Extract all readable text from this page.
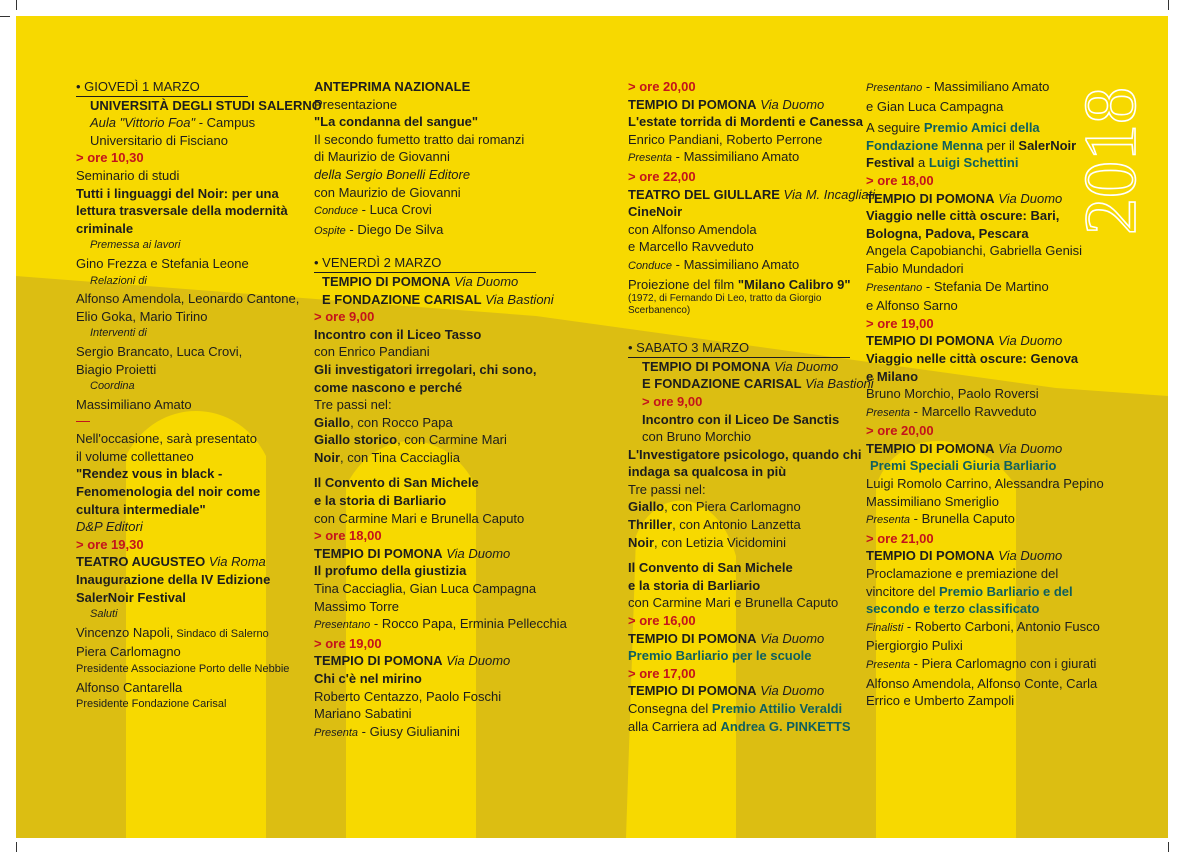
2018

• GIOVEDÌ 1 MARZO

UNIVERSITÀ DEGLI STUDI SALERNO

Aula "Vittorio Foa" - Campus

Universitario di Fisciano

> ore 10,30

Seminario di studi

Tutti i linguaggi del Noir: per una

lettura trasversale della modernità

criminale

Premessa ai lavori

Gino Frezza e Stefania Leone

Relazioni di

Alfonso Amendola, Leonardo Cantone,

Elio Goka, Mario Tirino

Interventi di

Sergio Brancato, Luca Crovi,

Biagio Proietti

Coordina

Massimiliano Amato

Nell'occasione, sarà presentato

il volume collettaneo

"Rendez vous in black -

Fenomenologia del noir come

cultura intermediale"

D&P Editori

> ore 19,30

TEATRO AUGUSTEO Via Roma

Inaugurazione della IV Edizione

SalerNoir Festival

Saluti

Vincenzo Napoli, Sindaco di Salerno

Piera Carlomagno

Presidente Associazione Porto delle Nebbie

Alfonso Cantarella

Presidente Fondazione Carisal

ANTEPRIMA NAZIONALE

Presentazione

"La condanna del sangue"

Il secondo fumetto tratto dai romanzi

di Maurizio de Giovanni

della Sergio Bonelli Editore

con Maurizio de Giovanni

Conduce - Luca Crovi

Ospite - Diego De Silva

• VENERDÌ 2 MARZO

TEMPIO DI POMONA Via Duomo

E FONDAZIONE CARISAL Via Bastioni

> ore 9,00

Incontro con il Liceo Tasso

con Enrico Pandiani

Gli investigatori irregolari, chi sono,

come nascono e perché

Tre passi nel:

Giallo, con Rocco Papa

Giallo storico, con Carmine Mari

Noir, con Tina Cacciaglia

Il Convento di San Michele

e la storia di Barliario

con Carmine Mari e Brunella Caputo

> ore 18,00

TEMPIO DI POMONA Via Duomo

Il profumo della giustizia

Tina Cacciaglia, Gian Luca Campagna

Massimo Torre

Presentano - Rocco Papa, Erminia Pellecchia

> ore 19,00

TEMPIO DI POMONA Via Duomo

Chi c'è nel mirino

Roberto Centazzo, Paolo Foschi

Mariano Sabatini

Presenta - Giusy Giulianini

> ore 20,00

TEMPIO DI POMONA Via Duomo

L'estate torrida di Mordenti e Canessa

Enrico Pandiani, Roberto Perrone

Presenta - Massimiliano Amato

> ore 22,00

TEATRO DEL GIULLARE Via M. Incagliati

CineNoir

con Alfonso Amendola

e Marcello Ravveduto

Conduce - Massimiliano Amato

Proiezione del film "Milano Calibro 9"

(1972, di Fernando Di Leo, tratto da Giorgio

Scerbanenco)

• SABATO 3 MARZO

TEMPIO DI POMONA Via Duomo

E FONDAZIONE CARISAL Via Bastioni

> ore 9,00

Incontro con il Liceo De Sanctis

con Bruno Morchio

L'Investigatore psicologo, quando chi

indaga sa qualcosa in più

Tre passi nel:

Giallo, con Piera Carlomagno

Thriller, con Antonio Lanzetta

Noir, con Letizia Vicidomini

Il Convento di San Michele

e la storia di Barliario

con Carmine Mari e Brunella Caputo

> ore 16,00

TEMPIO DI POMONA Via Duomo

Premio Barliario per le scuole

> ore 17,00

TEMPIO DI POMONA Via Duomo

Consegna del Premio Attilio Veraldi

alla Carriera ad Andrea G. PINKETTS

Presentano - Massimiliano Amato

e Gian Luca Campagna

A seguire Premio Amici della

Fondazione Menna per il SalerNoir

Festival a Luigi Schettini

> ore 18,00

TEMPIO DI POMONA Via Duomo

Viaggio nelle città oscure: Bari,

Bologna, Padova, Pescara

Angela Capobianchi, Gabriella Genisi

Fabio Mundadori

Presentano - Stefania De Martino

e Alfonso Sarno

> ore 19,00

TEMPIO DI POMONA Via Duomo

Viaggio nelle città oscure: Genova

e Milano

Bruno Morchio, Paolo Roversi

Presenta - Marcello Ravveduto

> ore 20,00

TEMPIO DI POMONA Via Duomo

Premi Speciali Giuria Barliario

Luigi Romolo Carrino, Alessandra Pepino

Massimiliano Smeriglio

Presenta - Brunella Caputo

> ore 21,00

TEMPIO DI POMONA Via Duomo

Proclamazione e premiazione del

vincitore del Premio Barliario e del

secondo e terzo classificato

Finalisti - Roberto Carboni, Antonio Fusco

Piergiorgio Pulixi

Presenta - Piera Carlomagno con i giurati

Alfonso Amendola, Alfonso Conte, Carla

Errico e Umberto Zampoli
